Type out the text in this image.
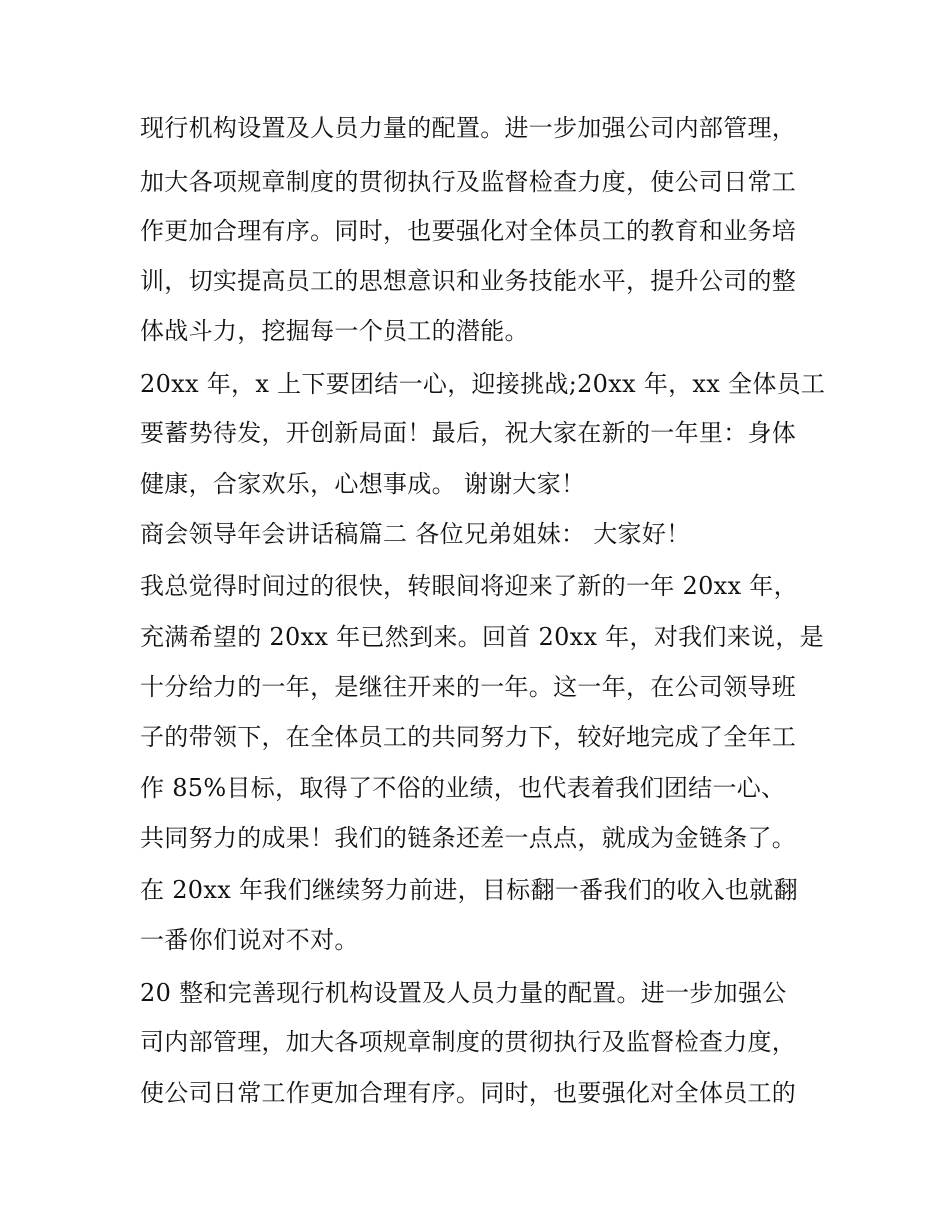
现行机构设置及人员力量的配置。进一步加强公司内部管理，
加大各项规章制度的贯彻执行及监督检查力度，使公司日常工
作更加合理有序。同时，也要强化对全体员工的教育和业务培
训，切实提高员工的思想意识和业务技能水平，提升公司的整
体战斗力，挖掘每一个员工的潜能。
20xx 年，x 上下要团结一心，迎接挑战;20xx 年，xx 全体员工
要蓄势待发，开创新局面！最后，祝大家在新的一年里：身体
健康，合家欢乐，心想事成。 谢谢大家！
商会领导年会讲话稿篇二 各位兄弟姐妹： 大家好！
我总觉得时间过的很快，转眼间将迎来了新的一年 20xx 年，
充满希望的 20xx 年已然到来。回首 20xx 年，对我们来说，是
十分给力的一年，是继往开来的一年。这一年，在公司领导班
子的带领下，在全体员工的共同努力下，较好地完成了全年工
作 85%目标，取得了不俗的业绩，也代表着我们团结一心、
共同努力的成果！我们的链条还差一点点，就成为金链条了。
在 20xx 年我们继续努力前进，目标翻一番我们的收入也就翻
一番你们说对不对。
20 整和完善现行机构设置及人员力量的配置。进一步加强公
司内部管理，加大各项规章制度的贯彻执行及监督检查力度，
使公司日常工作更加合理有序。同时，也要强化对全体员工的
